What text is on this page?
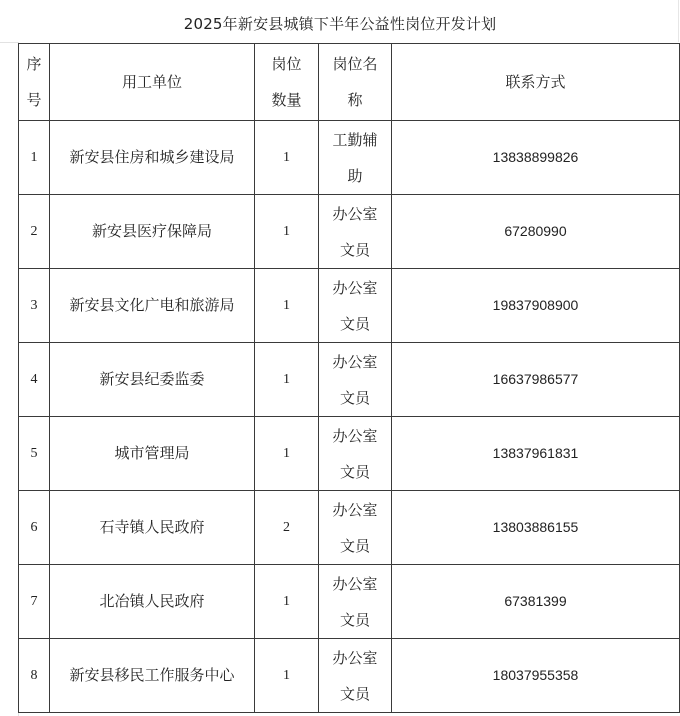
2025年新安县城镇下半年公益性岗位开发计划
序号	用工单位	岗位数量	岗位名称	联系方式

1	新安县住房和城乡建设局	1	工勤辅助	13838899826

2	新安县医疗保障局	1	办公室文员	67280990

3	新安县文化广电和旅游局	1	办公室文员	19837908900

4	新安县纪委监委	1	办公室文员	16637986577

5	城市管理局	1	办公室文员	13837961831

6	石寺镇人民政府	2	办公室文员	13803886155

7	北冶镇人民政府	1	办公室文员	67381399

8	新安县移民工作服务中心	1	办公室文员	18037955358
